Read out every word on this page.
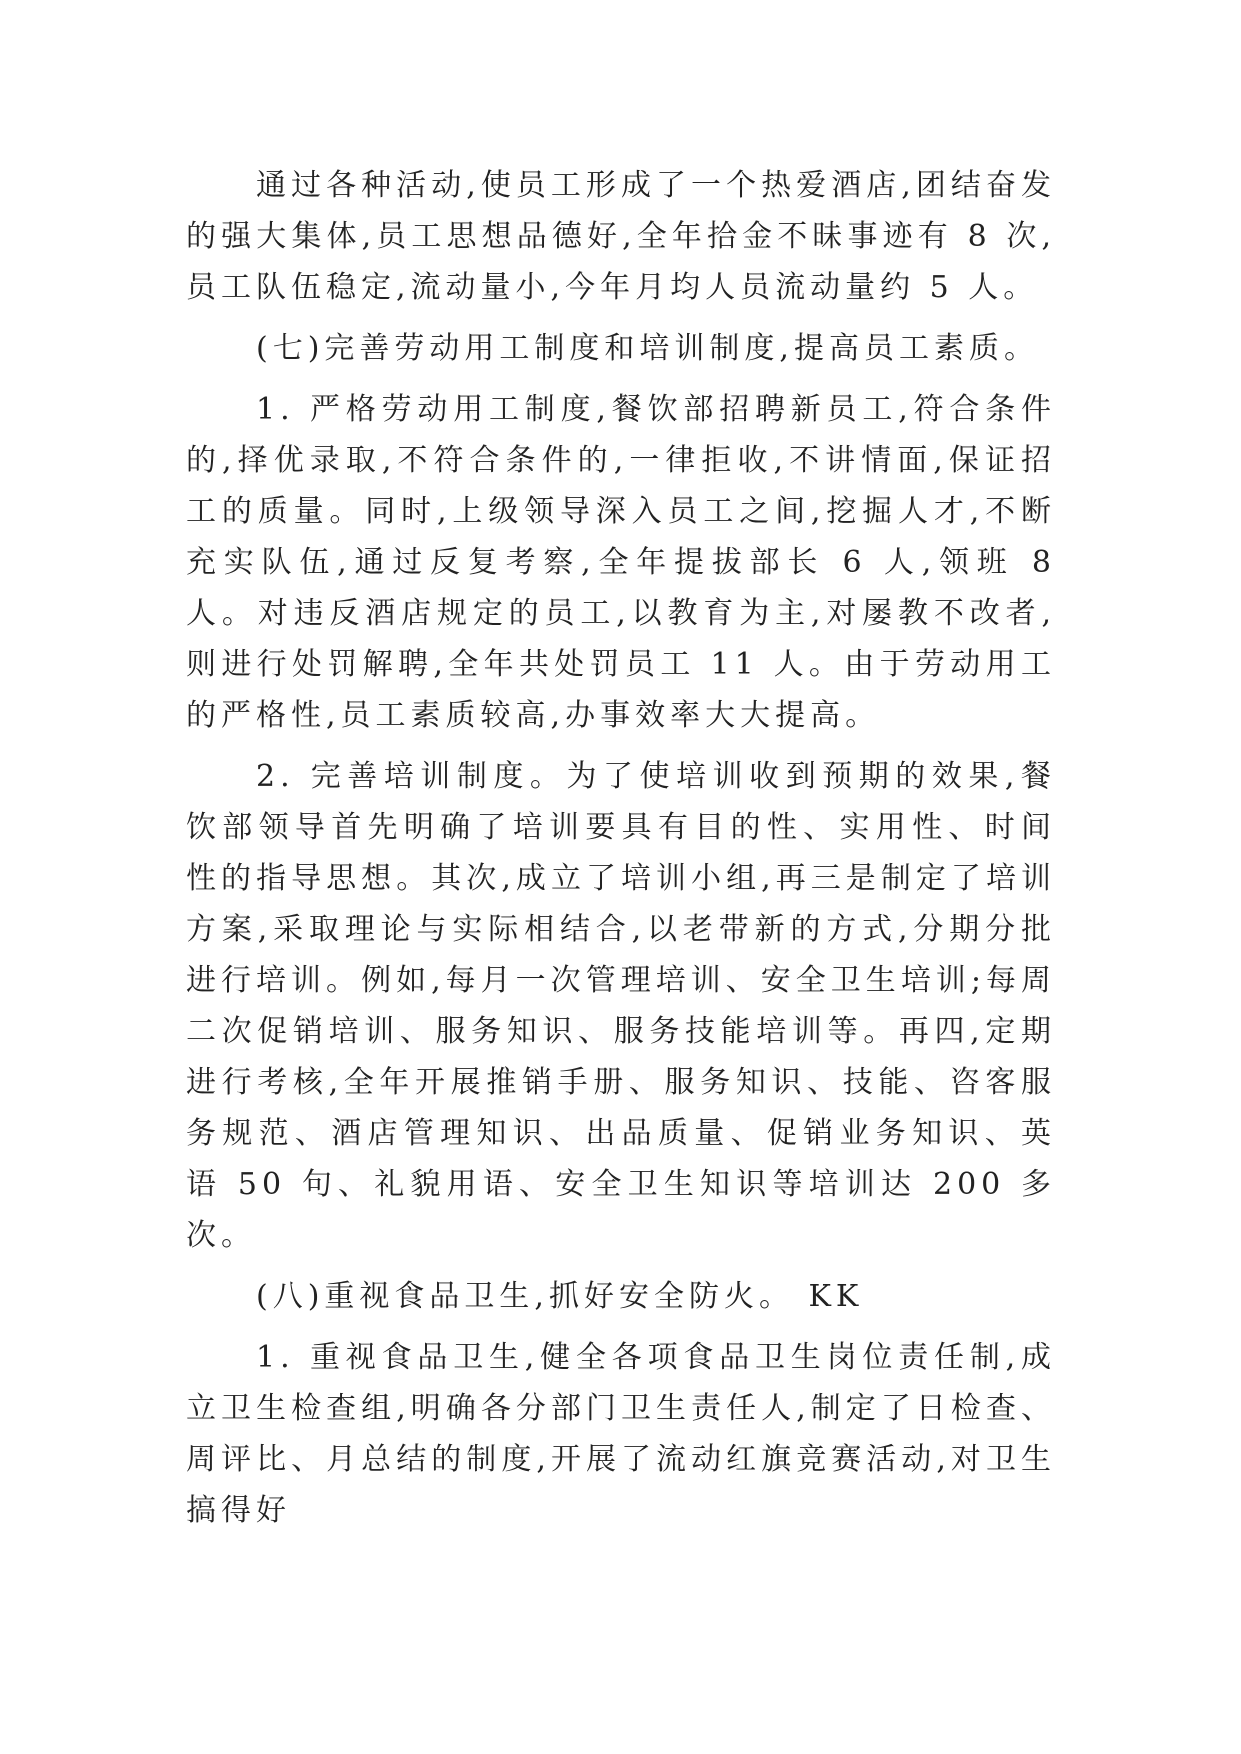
通过各种活动,使员工形成了一个热爱酒店,团结奋发的强大集体,员工思想品德好,全年拾金不昧事迹有 8 次,员工队伍稳定,流动量小,今年月均人员流动量约 5 人。

(七)完善劳动用工制度和培训制度,提高员工素质。

1. 严格劳动用工制度,餐饮部招聘新员工,符合条件的,择优录取,不符合条件的,一律拒收,不讲情面,保证招工的质量。同时,上级领导深入员工之间,挖掘人才,不断充实队伍,通过反复考察,全年提拔部长 6 人,领班 8 人。对违反酒店规定的员工,以教育为主,对屡教不改者,则进行处罚解聘,全年共处罚员工 11 人。由于劳动用工的严格性,员工素质较高,办事效率大大提高。

2. 完善培训制度。为了使培训收到预期的效果,餐饮部领导首先明确了培训要具有目的性、实用性、时间性的指导思想。其次,成立了培训小组,再三是制定了培训方案,采取理论与实际相结合,以老带新的方式,分期分批进行培训。例如,每月一次管理培训、安全卫生培训;每周二次促销培训、服务知识、服务技能培训等。再四,定期进行考核,全年开展推销手册、服务知识、技能、咨客服务规范、酒店管理知识、出品质量、促销业务知识、英语 50 句、礼貌用语、安全卫生知识等培训达 200 多次。

(八)重视食品卫生,抓好安全防火。 KK

1. 重视食品卫生,健全各项食品卫生岗位责任制,成立卫生检查组,明确各分部门卫生责任人,制定了日检查、周评比、月总结的制度,开展了流动红旗竞赛活动,对卫生搞得好
